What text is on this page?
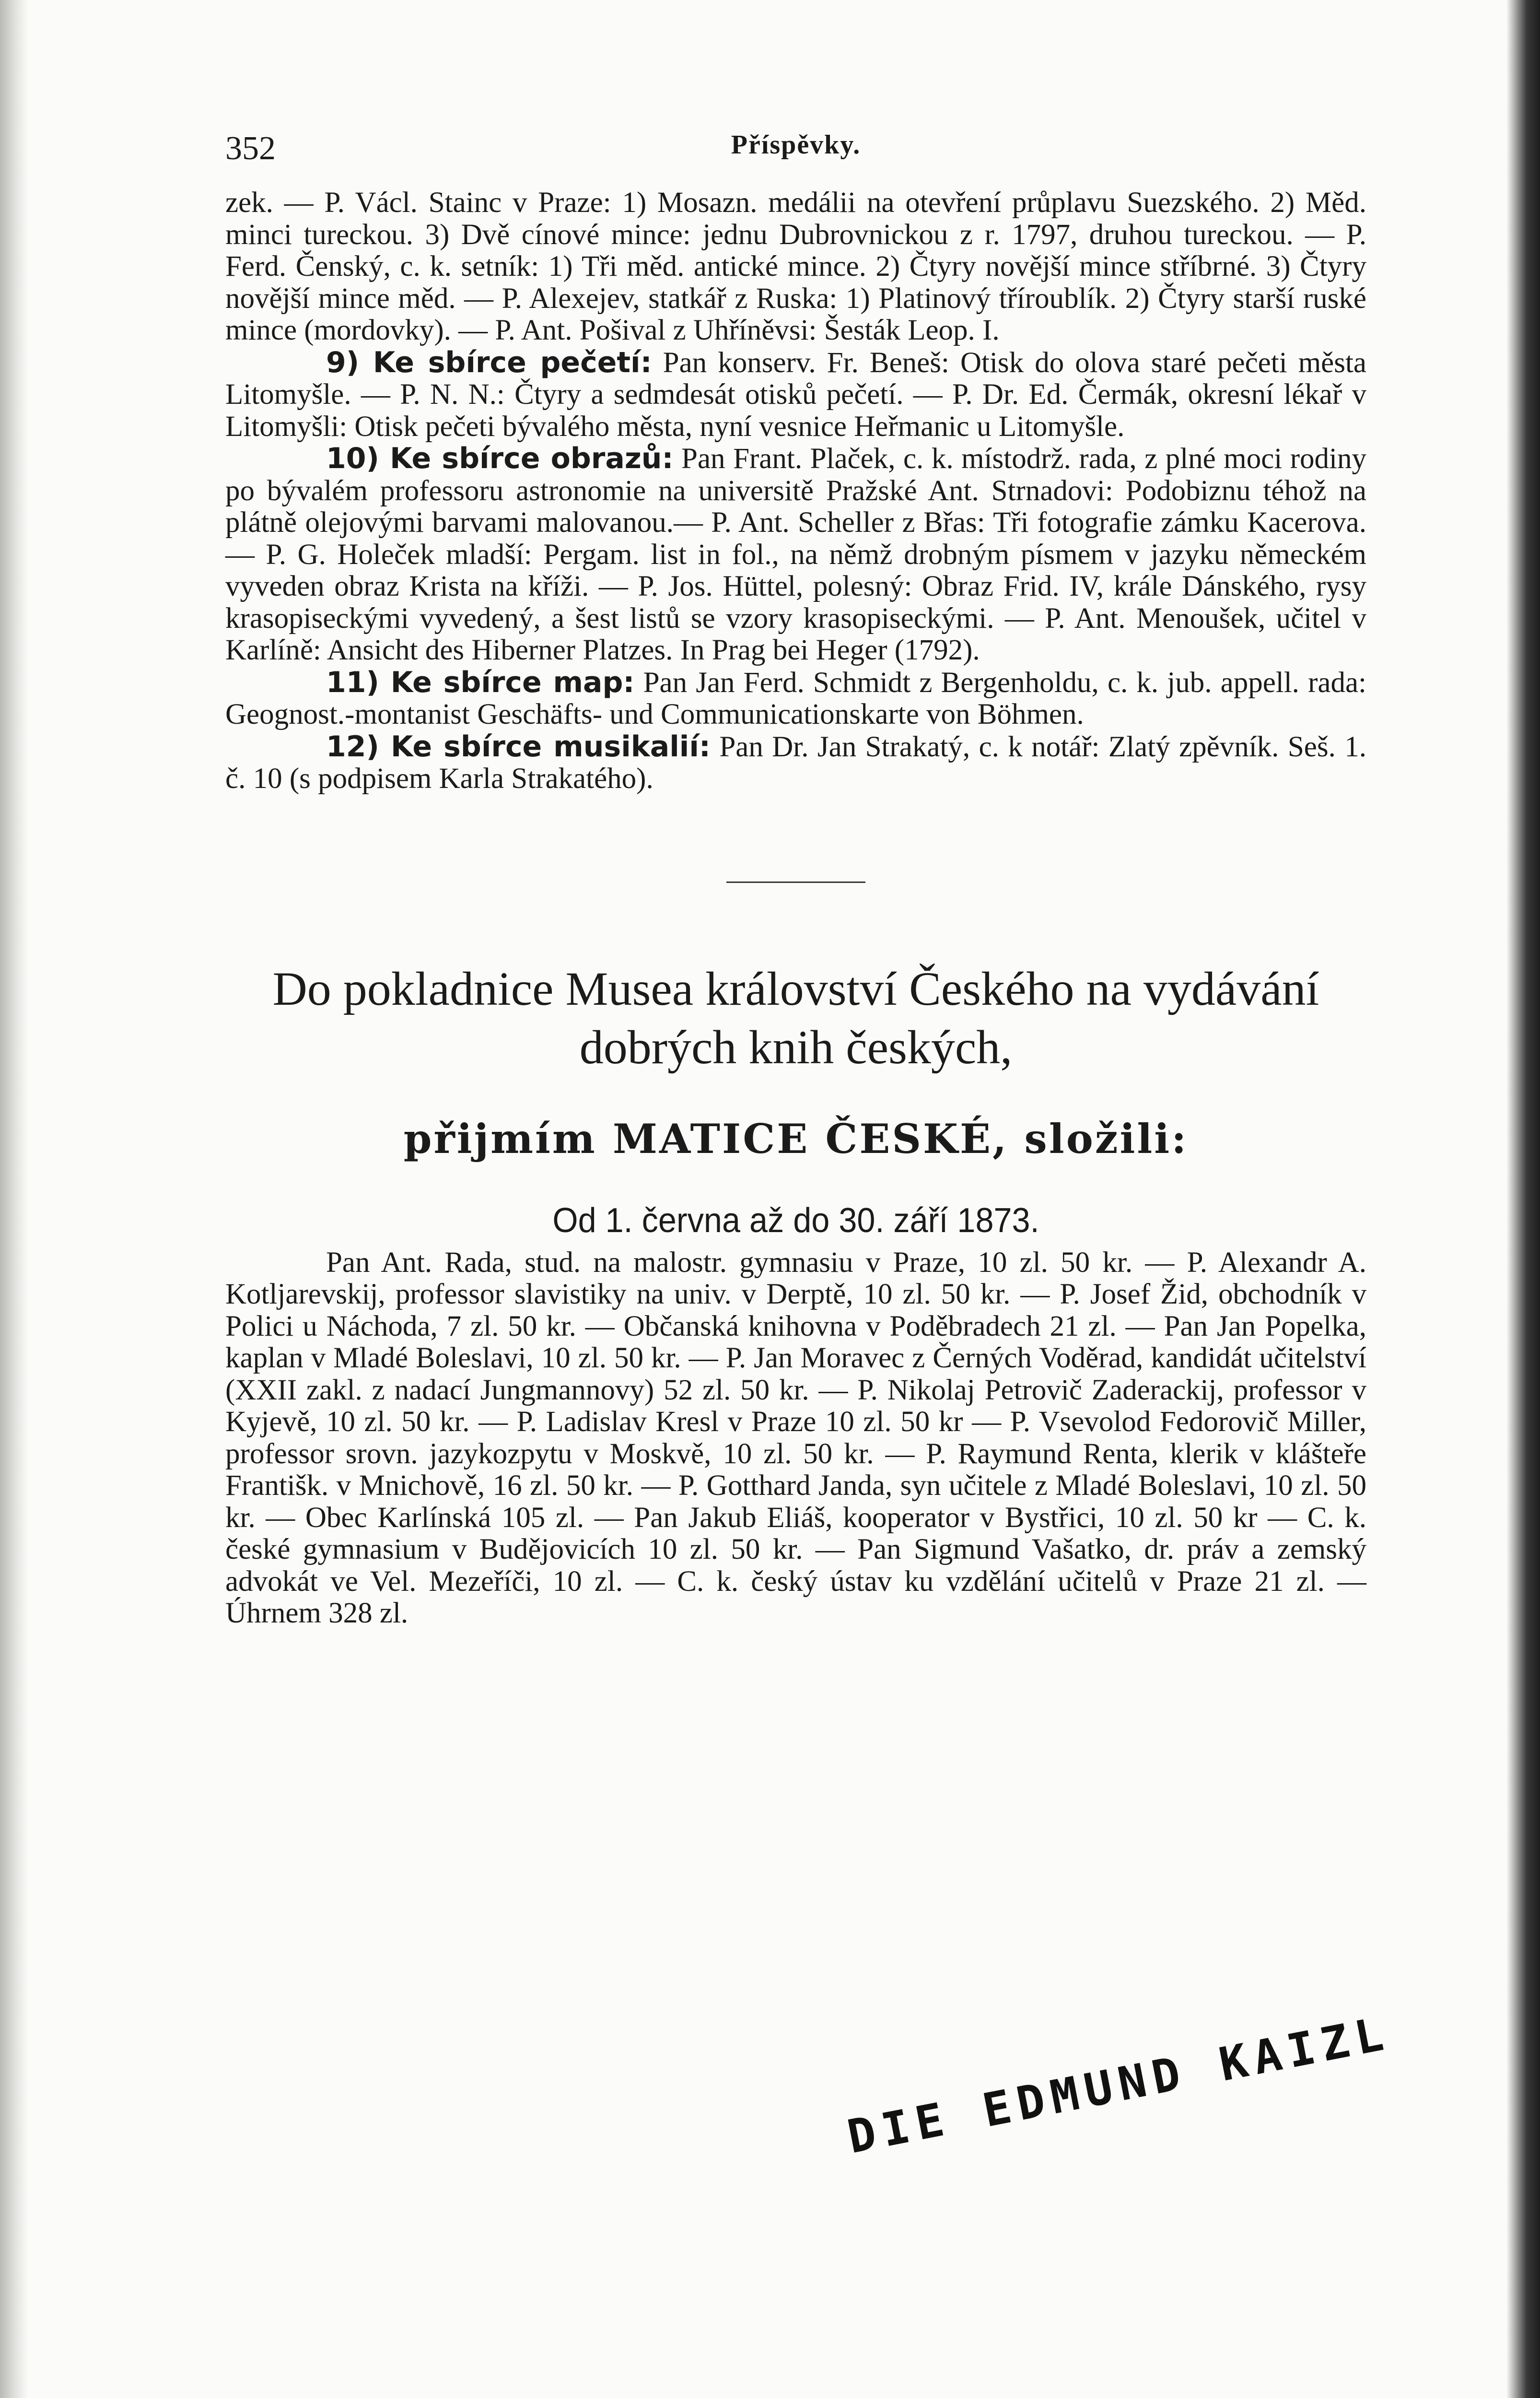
352	Příspěvky.

zek. — P. Václ. Stainc v Praze: 1) Mosazn. medálii na otevření průplavu Suezského. 2) Měd. minci tureckou. 3) Dvě cínové mince: jednu Dubrovnickou z r. 1797, druhou tureckou. — P. Ferd. Čenský, c. k. setník: 1) Tři měd. antické mince. 2) Čtyry novější mince stříbrné. 3) Čtyry novější mince měd. — P. Alexejev, statkář z Ruska: 1) Platinový tříroublík. 2) Čtyry starší ruské mince (mordovky). — P. Ant. Pošival z Uhříněvsi: Šesták Leop. I.

9) Ke sbírce pečetí: Pan konserv. Fr. Beneš: Otisk do olova staré pečeti města Litomyšle. — P. N. N.: Čtyry a sedmdesát otisků pečetí. — P. Dr. Ed. Čermák, okresní lékař v Litomyšli: Otisk pečeti bývalého města, nyní vesnice Heřmanic u Litomyšle.

10) Ke sbírce obrazů: Pan Frant. Plaček, c. k. místodrž. rada, z plné moci rodiny po bývalém professoru astronomie na universitě Pražské Ant. Strnadovi: Podobiznu téhož na plátně olejovými barvami malovanou.— P. Ant. Scheller z Břas: Tři fotografie zámku Kacerova. — P. G. Holeček mladší: Pergam. list in fol., na němž drobným písmem v jazyku německém vyveden obraz Krista na kříži. — P. Jos. Hüttel, polesný: Obraz Frid. IV, krále Dánského, rysy krasopiseckými vyvedený, a šest listů se vzory krasopiseckými. — P. Ant. Menoušek, učitel v Karlíně: Ansicht des Hiberner Platzes. In Prag bei Heger (1792).

11) Ke sbírce map: Pan Jan Ferd. Schmidt z Bergenholdu, c. k. jub. appell. rada: Geognost.-montanist Geschäfts- und Communicationskarte von Böhmen.

12) Ke sbírce musikalií: Pan Dr. Jan Strakatý, c. k notář: Zlatý zpěvník. Seš. 1. č. 10 (s podpisem Karla Strakatého).

Do pokladnice Musea království Českého na vydávání

dobrých knih českých,

přijmím MATICE ČESKÉ, složili:

Od 1. června až do 30. září 1873.

Pan Ant. Rada, stud. na malostr. gymnasiu v Praze, 10 zl. 50 kr. — P. Alexandr A. Kotljarevskij, professor slavistiky na univ. v Derptě, 10 zl. 50 kr. — P. Josef Žid, obchodník v Polici u Náchoda, 7 zl. 50 kr. — Občanská knihovna v Poděbradech 21 zl. — Pan Jan Popelka, kaplan v Mladé Boleslavi, 10 zl. 50 kr. — P. Jan Moravec z Černých Voděrad, kandidát učitelství (XXII zakl. z nadací Jungmannovy) 52 zl. 50 kr. — P. Nikolaj Petrovič Zaderackij, professor v Kyjevě, 10 zl. 50 kr. — P. Ladislav Kresl v Praze 10 zl. 50 kr — P. Vsevolod Fedorovič Miller, professor srovn. jazykozpytu v Moskvě, 10 zl. 50 kr. — P. Raymund Renta, klerik v klášteře Františk. v Mnichově, 16 zl. 50 kr. — P. Gotthard Janda, syn učitele z Mladé Boleslavi, 10 zl. 50 kr. — Obec Karlínská 105 zl. — Pan Jakub Eliáš, kooperator v Bystřici, 10 zl. 50 kr — C. k. české gymnasium v Budějovicích 10 zl. 50 kr. — Pan Sigmund Vašatko, dr. práv a zemský advokát ve Vel. Mezeříči, 10 zl. — C. k. český ústav ku vzdělání učitelů v Praze 21 zl. — Úhrnem 328 zl.

DIE EDMUND KAIZL
